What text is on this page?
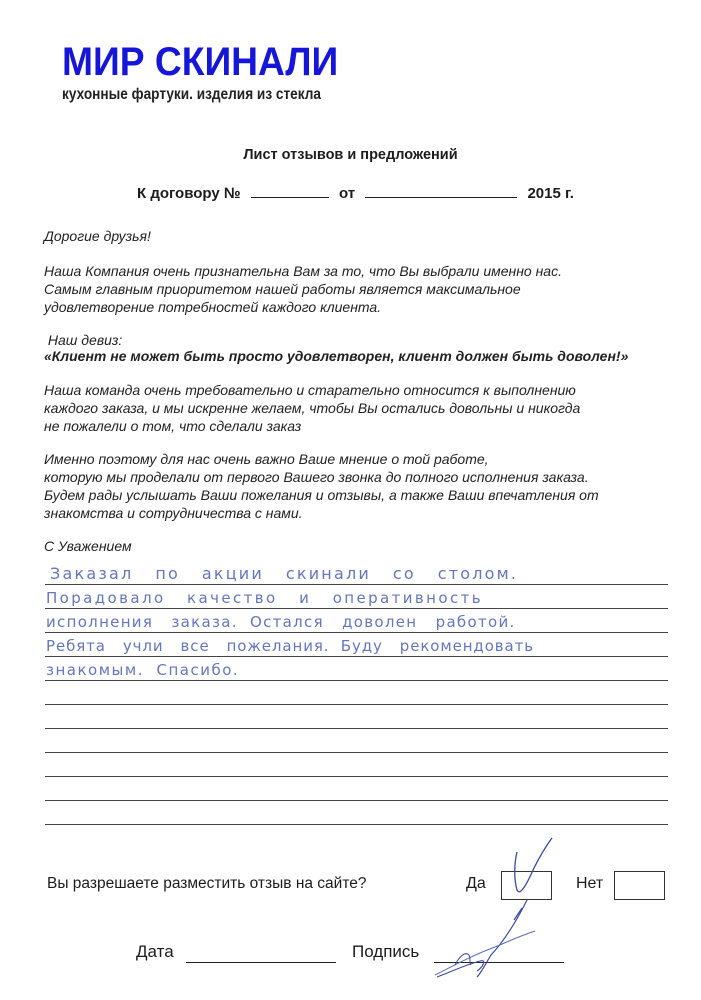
МИР СКИНАЛИ
кухонные фартуки. изделия из стекла
Лист отзывов и предложений
К договору №	от	2015 г.
Дорогие друзья!
Наша Компания очень признательна Вам за то, что Вы выбрали именно нас.
Самым главным приоритетом нашей работы является максимальное
удовлетворение потребностей каждого клиента.
Наш девиз:
«Клиент не может быть просто удовлетворен, клиент должен быть доволен!»
Наша команда очень требовательно и старательно относится к выполнению
каждого заказа, и мы искренне желаем, чтобы Вы остались довольны и никогда
не пожалели о том, что сделали заказ
Именно поэтому для нас очень важно Ваше мнение о той работе,
которую мы проделали от первого Вашего звонка до полного исполнения заказа.
Будем рады услышать Ваши пожелания и отзывы, а также Ваши впечатления от
знакомства и сотрудничества с нами.
С Уважением
Заказал   по   акции   скинали   со   столом.
Порадовало   качество   и   оперативность
исполнения   заказа.  Остался   доволен   работой.
Ребята   учли   все   пожелания.  Буду   рекомендовать
знакомым.  Спасибо.
Вы разрешаете разместить отзыв на сайте?	Да	Нет
Дата	Подпись
